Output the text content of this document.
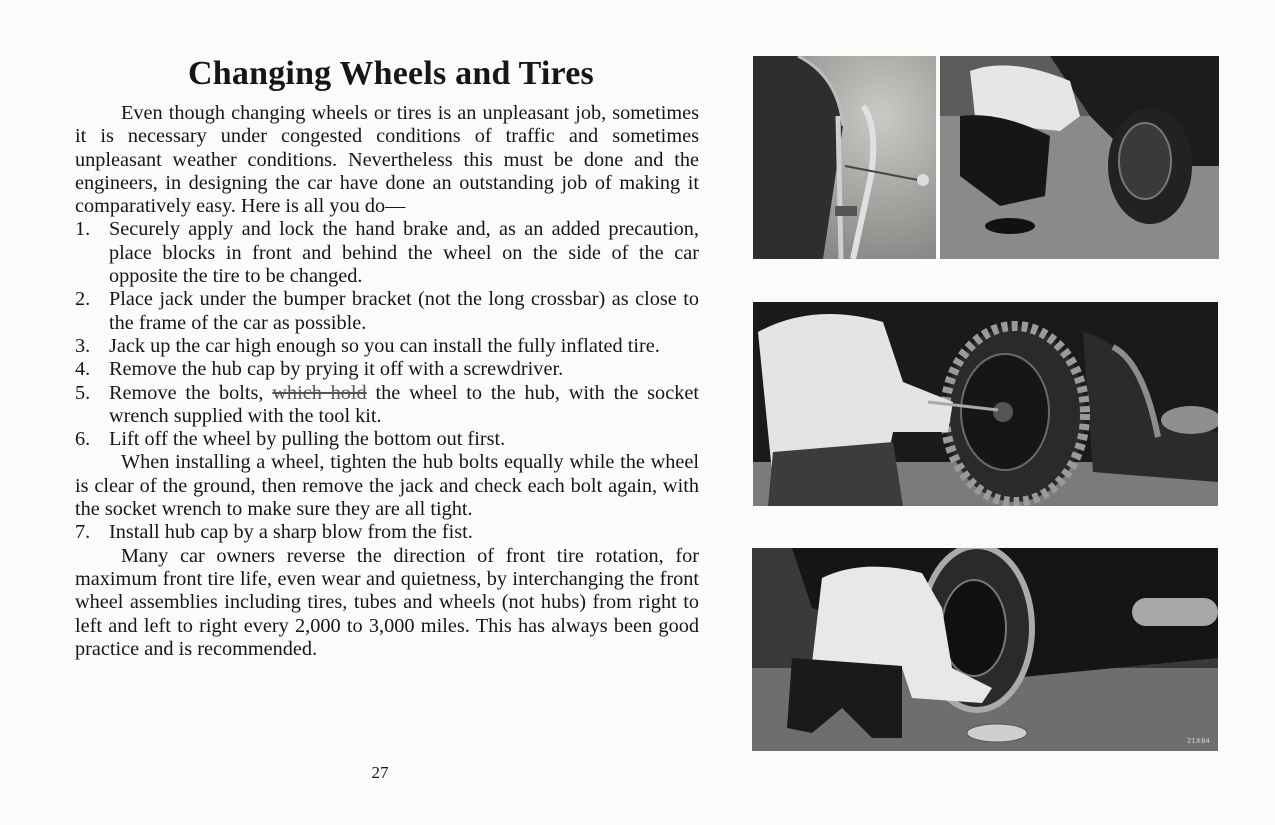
Changing Wheels and Tires

Even though changing wheels or tires is an unpleasant job, sometimes it is necessary under congested conditions of traffic and sometimes unpleasant weather conditions. Nevertheless this must be done and the engineers, in designing the car have done an outstanding job of making it comparatively easy. Here is all you do—

1. Securely apply and lock the hand brake and, as an added precaution, place blocks in front and behind the wheel on the side of the car opposite the tire to be changed.
2. Place jack under the bumper bracket (not the long crossbar) as close to the frame of the car as possible.
3. Jack up the car high enough so you can install the fully inflated tire.
4. Remove the hub cap by prying it off with a screwdriver.
5. Remove the bolts, which hold the wheel to the hub, with the socket wrench supplied with the tool kit.
6. Lift off the wheel by pulling the bottom out first.

When installing a wheel, tighten the hub bolts equally while the wheel is clear of the ground, then remove the jack and check each bolt again, with the socket wrench to make sure they are all tight.

7. Install hub cap by a sharp blow from the fist.

Many car owners reverse the direction of front tire rotation, for maximum front tire life, even wear and quietness, by interchanging the front wheel assemblies including tires, tubes and wheels (not hubs) from right to left and left to right every 2,000 to 3,000 miles. This has always been good practice and is recommended.

27
21X84
